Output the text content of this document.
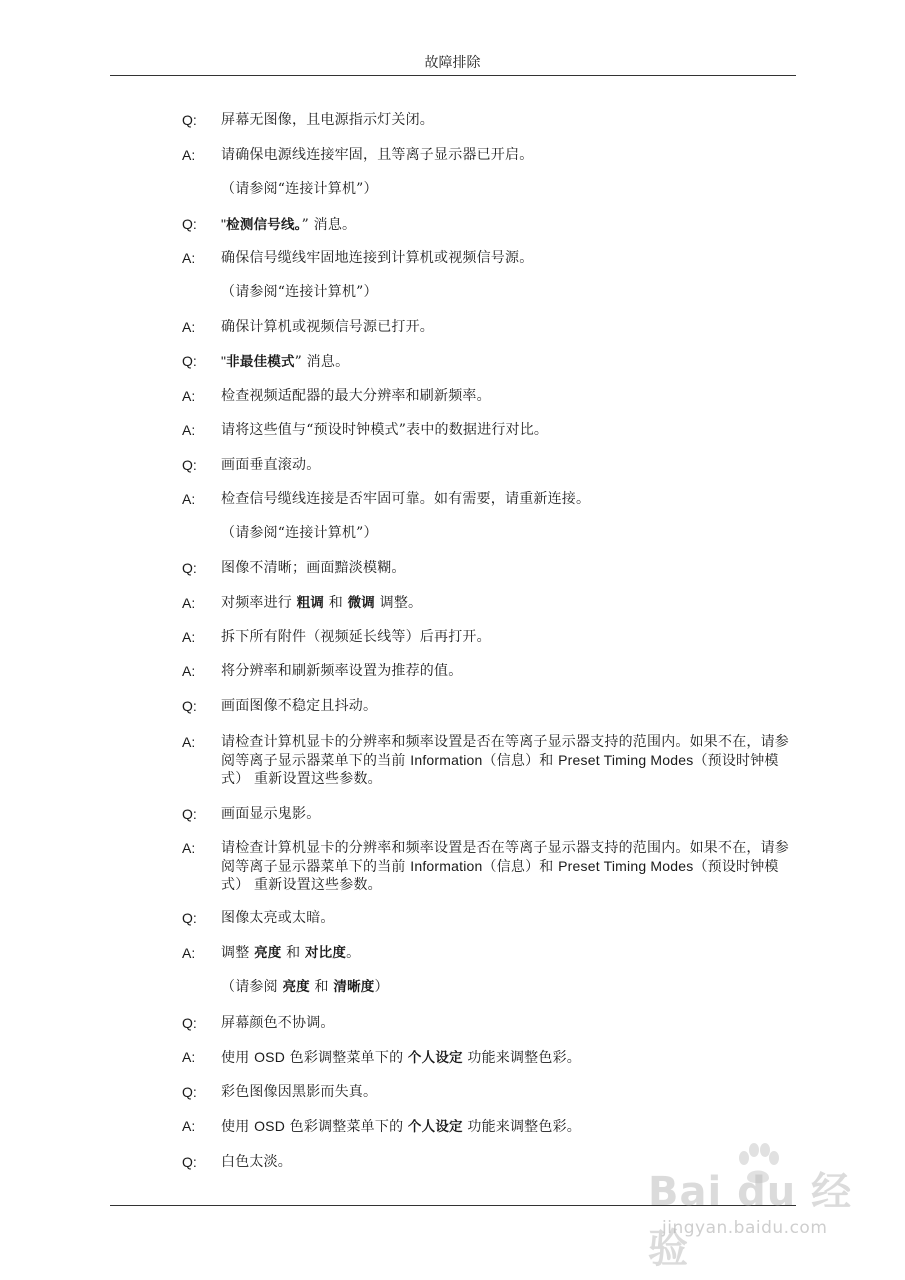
故障排除
Q: 屏幕无图像，且电源指示灯关闭。
A: 请确保电源线连接牢固，且等离子显示器已开启。
（请参阅“连接计算机”）
Q: "检测信号线。” 消息。
A: 确保信号缆线牢固地连接到计算机或视频信号源。
（请参阅“连接计算机”）
A: 确保计算机或视频信号源已打开。
Q: "非最佳模式” 消息。
A: 检查视频适配器的最大分辨率和刷新频率。
A: 请将这些值与“预设时钟模式”表中的数据进行对比。
Q: 画面垂直滚动。
A: 检查信号缆线连接是否牢固可靠。如有需要，请重新连接。
（请参阅“连接计算机”）
Q: 图像不清晰；画面黯淡模糊。
A: 对频率进行 粗调 和 微调 调整。
A: 拆下所有附件（视频延长线等）后再打开。
A: 将分辨率和刷新频率设置为推荐的值。
Q: 画面图像不稳定且抖动。
A: 请检查计算机显卡的分辨率和频率设置是否在等离子显示器支持的范围内。如果不在，请参阅等离子显示器菜单下的当前 Information（信息）和 Preset Timing Modes（预设时钟模式） 重新设置这些参数。
Q: 画面显示鬼影。
A: 请检查计算机显卡的分辨率和频率设置是否在等离子显示器支持的范围内。如果不在，请参阅等离子显示器菜单下的当前 Information（信息）和 Preset Timing Modes（预设时钟模式） 重新设置这些参数。
Q: 图像太亮或太暗。
A: 调整 亮度 和 对比度。
（请参阅 亮度 和 清晰度）
Q: 屏幕颜色不协调。
A: 使用 OSD 色彩调整菜单下的 个人设定 功能来调整色彩。
Q: 彩色图像因黑影而失真。
A: 使用 OSD 色彩调整菜单下的 个人设定 功能来调整色彩。
Q: 白色太淡。
Bai du 经验
jingyan.baidu.com
